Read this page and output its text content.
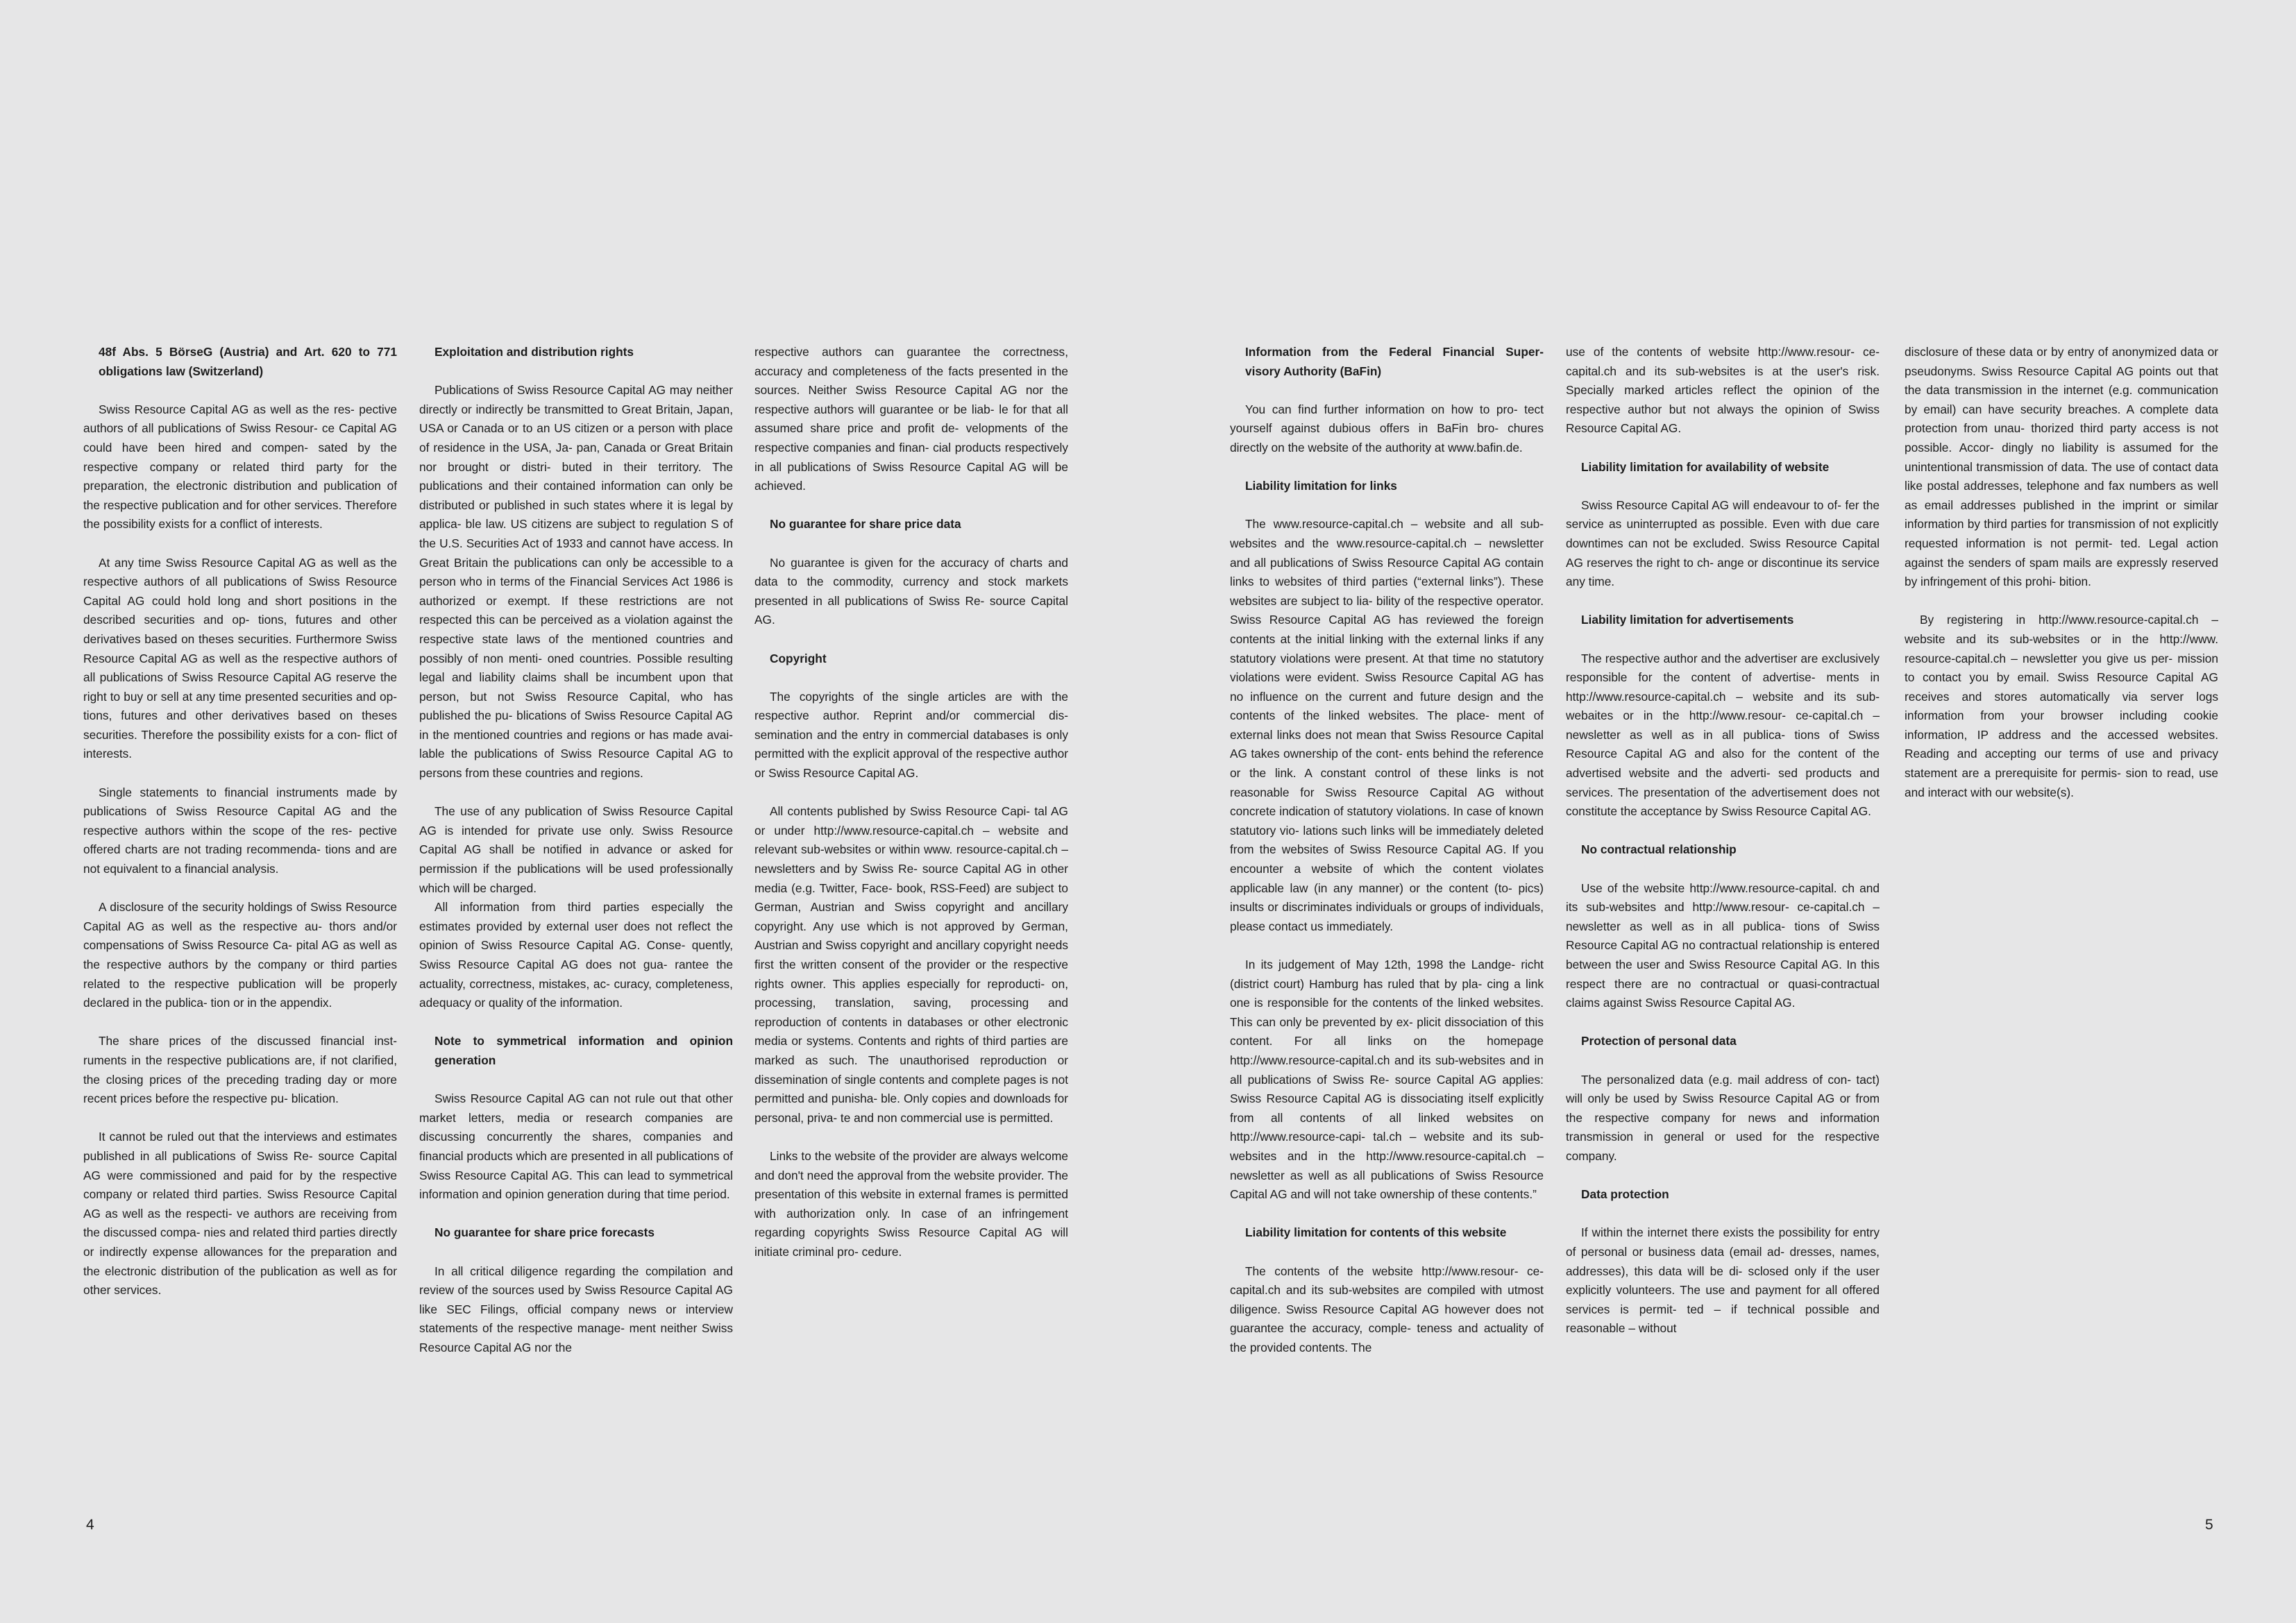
48f Abs. 5 BörseG (Austria) and Art. 620 to 771 obligations law (Switzerland)

Swiss Resource Capital AG as well as the res- pective authors of all publications of Swiss Resour- ce Capital AG could have been hired and compen- sated by the respective company or related third party for the preparation, the electronic distribution and publication of the respective publication and for other services. Therefore the possibility exists for a conflict of interests.

At any time Swiss Resource Capital AG as well as the respective authors of all publications of Swiss Resource Capital AG could hold long and short positions in the described securities and op- tions, futures and other derivatives based on theses securities. Furthermore Swiss Resource Capital AG as well as the respective authors of all publications of Swiss Resource Capital AG reserve the right to buy or sell at any time presented securities and op- tions, futures and other derivatives based on theses securities. Therefore the possibility exists for a con- flict of interests.

Single statements to financial instruments made by publications of Swiss Resource Capital AG and the respective authors within the scope of the res- pective offered charts are not trading recommenda- tions and are not equivalent to a financial analysis.

A disclosure of the security holdings of Swiss Resource Capital AG as well as the respective au- thors and/or compensations of Swiss Resource Ca- pital AG as well as the respective authors by the company or third parties related to the respective publication will be properly declared in the publica- tion or in the appendix.

The share prices of the discussed financial inst- ruments in the respective publications are, if not clarified, the closing prices of the preceding trading day or more recent prices before the respective pu- blication.

It cannot be ruled out that the interviews and estimates published in all publications of Swiss Re- source Capital AG were commissioned and paid for by the respective company or related third parties. Swiss Resource Capital AG as well as the respecti- ve authors are receiving from the discussed compa- nies and related third parties directly or indirectly expense allowances for the preparation and the electronic distribution of the publication as well as for other services.

Exploitation and distribution rights

Publications of Swiss Resource Capital AG may neither directly or indirectly be transmitted to Great Britain, Japan, USA or Canada or to an US citizen or a person with place of residence in the USA, Ja- pan, Canada or Great Britain nor brought or distri- buted in their territory. The publications and their contained information can only be distributed or published in such states where it is legal by applica- ble law. US citizens are subject to regulation S of the U.S. Securities Act of 1933 and cannot have access. In Great Britain the publications can only be accessible to a person who in terms of the Financial Services Act 1986 is authorized or exempt. If these restrictions are not respected this can be perceived as a violation against the respective state laws of the mentioned countries and possibly of non menti- oned countries. Possible resulting legal and liability claims shall be incumbent upon that person, but not Swiss Resource Capital, who has published the pu- blications of Swiss Resource Capital AG in the mentioned countries and regions or has made avai- lable the publications of Swiss Resource Capital AG to persons from these countries and regions.

The use of any publication of Swiss Resource Capital AG is intended for private use only. Swiss Resource Capital AG shall be notified in advance or asked for permission if the publications will be used professionally which will be charged.

All information from third parties especially the estimates provided by external user does not reflect the opinion of Swiss Resource Capital AG. Conse- quently, Swiss Resource Capital AG does not gua- rantee the actuality, correctness, mistakes, ac- curacy, completeness, adequacy or quality of the information.

Note to symmetrical information and opinion generation

Swiss Resource Capital AG can not rule out that other market letters, media or research companies are discussing concurrently the shares, companies and financial products which are presented in all publications of Swiss Resource Capital AG. This can lead to symmetrical information and opinion generation during that time period.

No guarantee for share price forecasts

In all critical diligence regarding the compilation and review of the sources used by Swiss Resource Capital AG like SEC Filings, official company news or interview statements of the respective manage- ment neither Swiss Resource Capital AG nor the

respective authors can guarantee the correctness, accuracy and completeness of the facts presented in the sources. Neither Swiss Resource Capital AG nor the respective authors will guarantee or be liab- le for that all assumed share price and profit de- velopments of the respective companies and finan- cial products respectively in all publications of Swiss Resource Capital AG will be achieved.

No guarantee for share price data

No guarantee is given for the accuracy of charts and data to the commodity, currency and stock markets presented in all publications of Swiss Re- source Capital AG.

Copyright

The copyrights of the single articles are with the respective author. Reprint and/or commercial dis- semination and the entry in commercial databases is only permitted with the explicit approval of the respective author or Swiss Resource Capital AG.

All contents published by Swiss Resource Capi- tal AG or under http://www.resource-capital.ch – website and relevant sub-websites or within www. resource-capital.ch – newsletters and by Swiss Re- source Capital AG in other media (e.g. Twitter, Face- book, RSS-Feed) are subject to German, Austrian and Swiss copyright and ancillary copyright. Any use which is not approved by German, Austrian and Swiss copyright and ancillary copyright needs first the written consent of the provider or the respective rights owner. This applies especially for reproducti- on, processing, translation, saving, processing and reproduction of contents in databases or other electronic media or systems. Contents and rights of third parties are marked as such. The unauthorised reproduction or dissemination of single contents and complete pages is not permitted and punisha- ble. Only copies and downloads for personal, priva- te and non commercial use is permitted.

Links to the website of the provider are always welcome and don't need the approval from the website provider. The presentation of this website in external frames is permitted with authorization only. In case of an infringement regarding copyrights Swiss Resource Capital AG will initiate criminal pro- cedure.

4

Information from the Federal Financial Super- visory Authority (BaFin)

You can find further information on how to pro- tect yourself against dubious offers in BaFin bro- chures directly on the website of the authority at www.bafin.de.

Liability limitation for links

The www.resource-capital.ch – website and all sub-websites and the www.resource-capital.ch – newsletter and all publications of Swiss Resource Capital AG contain links to websites of third parties (“external links”). These websites are subject to lia- bility of the respective operator. Swiss Resource Capital AG has reviewed the foreign contents at the initial linking with the external links if any statutory violations were present. At that time no statutory violations were evident. Swiss Resource Capital AG has no influence on the current and future design and the contents of the linked websites. The place- ment of external links does not mean that Swiss Resource Capital AG takes ownership of the cont- ents behind the reference or the link. A constant control of these links is not reasonable for Swiss Resource Capital AG without concrete indication of statutory violations. In case of known statutory vio- lations such links will be immediately deleted from the websites of Swiss Resource Capital AG. If you encounter a website of which the content violates applicable law (in any manner) or the content (to- pics) insults or discriminates individuals or groups of individuals, please contact us immediately.

In its judgement of May 12th, 1998 the Landge- richt (district court) Hamburg has ruled that by pla- cing a link one is responsible for the contents of the linked websites. This can only be prevented by ex- plicit dissociation of this content. For all links on the homepage http://www.resource-capital.ch and its sub-websites and in all publications of Swiss Re- source Capital AG applies: Swiss Resource Capital AG is dissociating itself explicitly from all contents of all linked websites on http://www.resource-capi- tal.ch – website and its sub-websites and in the http://www.resource-capital.ch – newsletter as well as all publications of Swiss Resource Capital AG and will not take ownership of these contents.”

Liability limitation for contents of this website

The contents of the website http://www.resour- ce-capital.ch and its sub-websites are compiled with utmost diligence. Swiss Resource Capital AG however does not guarantee the accuracy, comple- teness and actuality of the provided contents. The

use of the contents of website http://www.resour- ce-capital.ch and its sub-websites is at the user's risk. Specially marked articles reflect the opinion of the respective author but not always the opinion of Swiss Resource Capital AG.

Liability limitation for availability of website

Swiss Resource Capital AG will endeavour to of- fer the service as uninterrupted as possible. Even with due care downtimes can not be excluded. Swiss Resource Capital AG reserves the right to ch- ange or discontinue its service any time.

Liability limitation for advertisements

The respective author and the advertiser are exclusively responsible for the content of advertise- ments in http://www.resource-capital.ch – website and its sub-webaites or in the http://www.resour- ce-capital.ch – newsletter as well as in all publica- tions of Swiss Resource Capital AG and also for the content of the advertised website and the adverti- sed products and services. The presentation of the advertisement does not constitute the acceptance by Swiss Resource Capital AG.

No contractual relationship

Use of the website http://www.resource-capital. ch and its sub-websites and http://www.resour- ce-capital.ch – newsletter as well as in all publica- tions of Swiss Resource Capital AG no contractual relationship is entered between the user and Swiss Resource Capital AG. In this respect there are no contractual or quasi-contractual claims against Swiss Resource Capital AG.

Protection of personal data

The personalized data (e.g. mail address of con- tact) will only be used by Swiss Resource Capital AG or from the respective company for news and information transmission in general or used for the respective company.

Data protection

If within the internet there exists the possibility for entry of personal or business data (email ad- dresses, names, addresses), this data will be di- sclosed only if the user explicitly volunteers. The use and payment for all offered services is permit- ted – if technical possible and reasonable – without

disclosure of these data or by entry of anonymized data or pseudonyms. Swiss Resource Capital AG points out that the data transmission in the internet (e.g. communication by email) can have security breaches. A complete data protection from unau- thorized third party access is not possible. Accor- dingly no liability is assumed for the unintentional transmission of data. The use of contact data like postal addresses, telephone and fax numbers as well as email addresses published in the imprint or similar information by third parties for transmission of not explicitly requested information is not permit- ted. Legal action against the senders of spam mails are expressly reserved by infringement of this prohi- bition.

By registering in http://www.resource-capital.ch – website and its sub-websites or in the http://www. resource-capital.ch – newsletter you give us per- mission to contact you by email. Swiss Resource Capital AG receives and stores automatically via server logs information from your browser including cookie information, IP address and the accessed websites. Reading and accepting our terms of use and privacy statement are a prerequisite for permis- sion to read, use and interact with our website(s).

5
